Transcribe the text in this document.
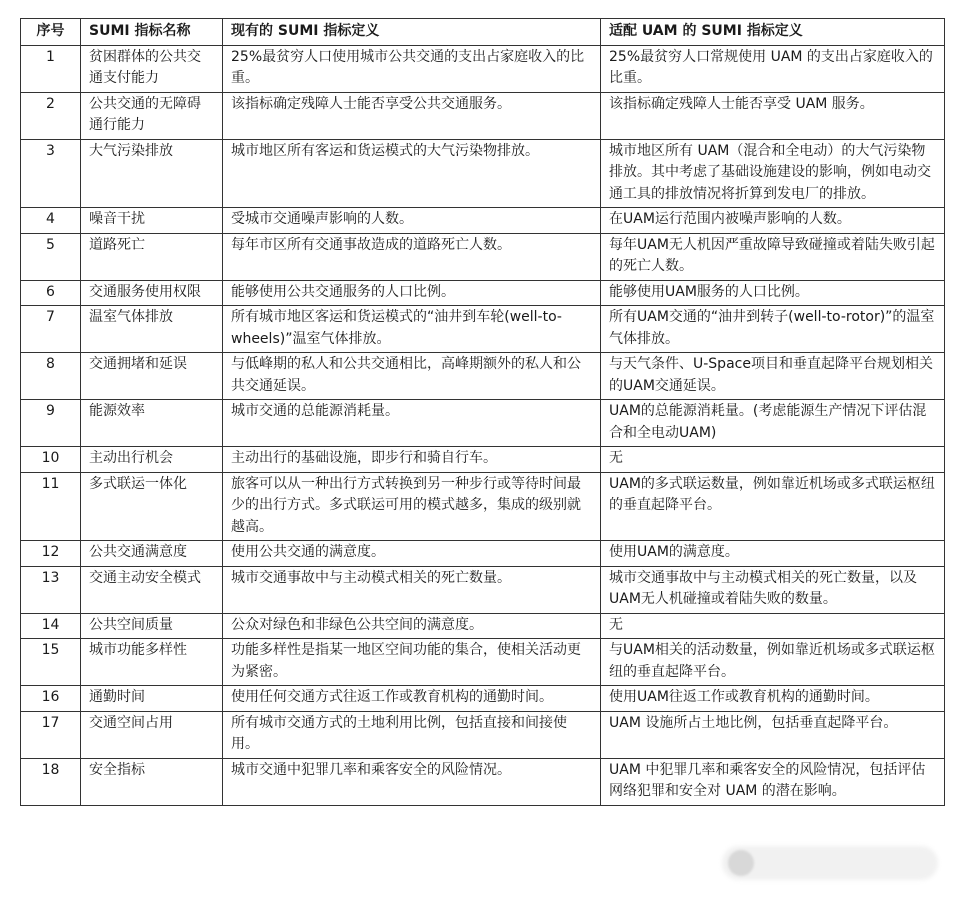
序号	SUMI 指标名称	现有的 SUMI 指标定义	适配 UAM 的 SUMI 指标定义
1	贫困群体的公共交通支付能力	25%最贫穷人口使用城市公共交通的支出占家庭收入的比重。	25%最贫穷人口常规使用 UAM 的支出占家庭收入的比重。
2	公共交通的无障碍通行能力	该指标确定残障人士能否享受公共交通服务。	该指标确定残障人士能否享受 UAM 服务。
3	大气污染排放	城市地区所有客运和货运模式的大气污染物排放。	城市地区所有 UAM（混合和全电动）的大气污染物排放。其中考虑了基础设施建设的影响，例如电动交通工具的排放情况将折算到发电厂的排放。
4	噪音干扰	受城市交通噪声影响的人数。	在UAM运行范围内被噪声影响的人数。
5	道路死亡	每年市区所有交通事故造成的道路死亡人数。	每年UAM无人机因严重故障导致碰撞或着陆失败引起的死亡人数。
6	交通服务使用权限	能够使用公共交通服务的人口比例。	能够使用UAM服务的人口比例。
7	温室气体排放	所有城市地区客运和货运模式的“油井到车轮(well-to-wheels)”温室气体排放。	所有UAM交通的“油井到转子(well-to-rotor)”的温室气体排放。
8	交通拥堵和延误	与低峰期的私人和公共交通相比，高峰期额外的私人和公共交通延误。	与天气条件、U-Space项目和垂直起降平台规划相关的UAM交通延误。
9	能源效率	城市交通的总能源消耗量。	UAM的总能源消耗量。(考虑能源生产情况下评估混合和全电动UAM)
10	主动出行机会	主动出行的基础设施，即步行和骑自行车。	无
11	多式联运一体化	旅客可以从一种出行方式转换到另一种步行或等待时间最少的出行方式。多式联运可用的模式越多，集成的级别就越高。	UAM的多式联运数量，例如靠近机场或多式联运枢纽的垂直起降平台。
12	公共交通满意度	使用公共交通的满意度。	使用UAM的满意度。
13	交通主动安全模式	城市交通事故中与主动模式相关的死亡数量。	城市交通事故中与主动模式相关的死亡数量，以及UAM无人机碰撞或着陆失败的数量。
14	公共空间质量	公众对绿色和非绿色公共空间的满意度。	无
15	城市功能多样性	功能多样性是指某一地区空间功能的集合，使相关活动更为紧密。	与UAM相关的活动数量，例如靠近机场或多式联运枢纽的垂直起降平台。
16	通勤时间	使用任何交通方式往返工作或教育机构的通勤时间。	使用UAM往返工作或教育机构的通勤时间。
17	交通空间占用	所有城市交通方式的土地利用比例，包括直接和间接使用。	UAM 设施所占土地比例，包括垂直起降平台。
18	安全指标	城市交通中犯罪几率和乘客安全的风险情况。	UAM 中犯罪几率和乘客安全的风险情况，包括评估网络犯罪和安全对 UAM 的潜在影响。
